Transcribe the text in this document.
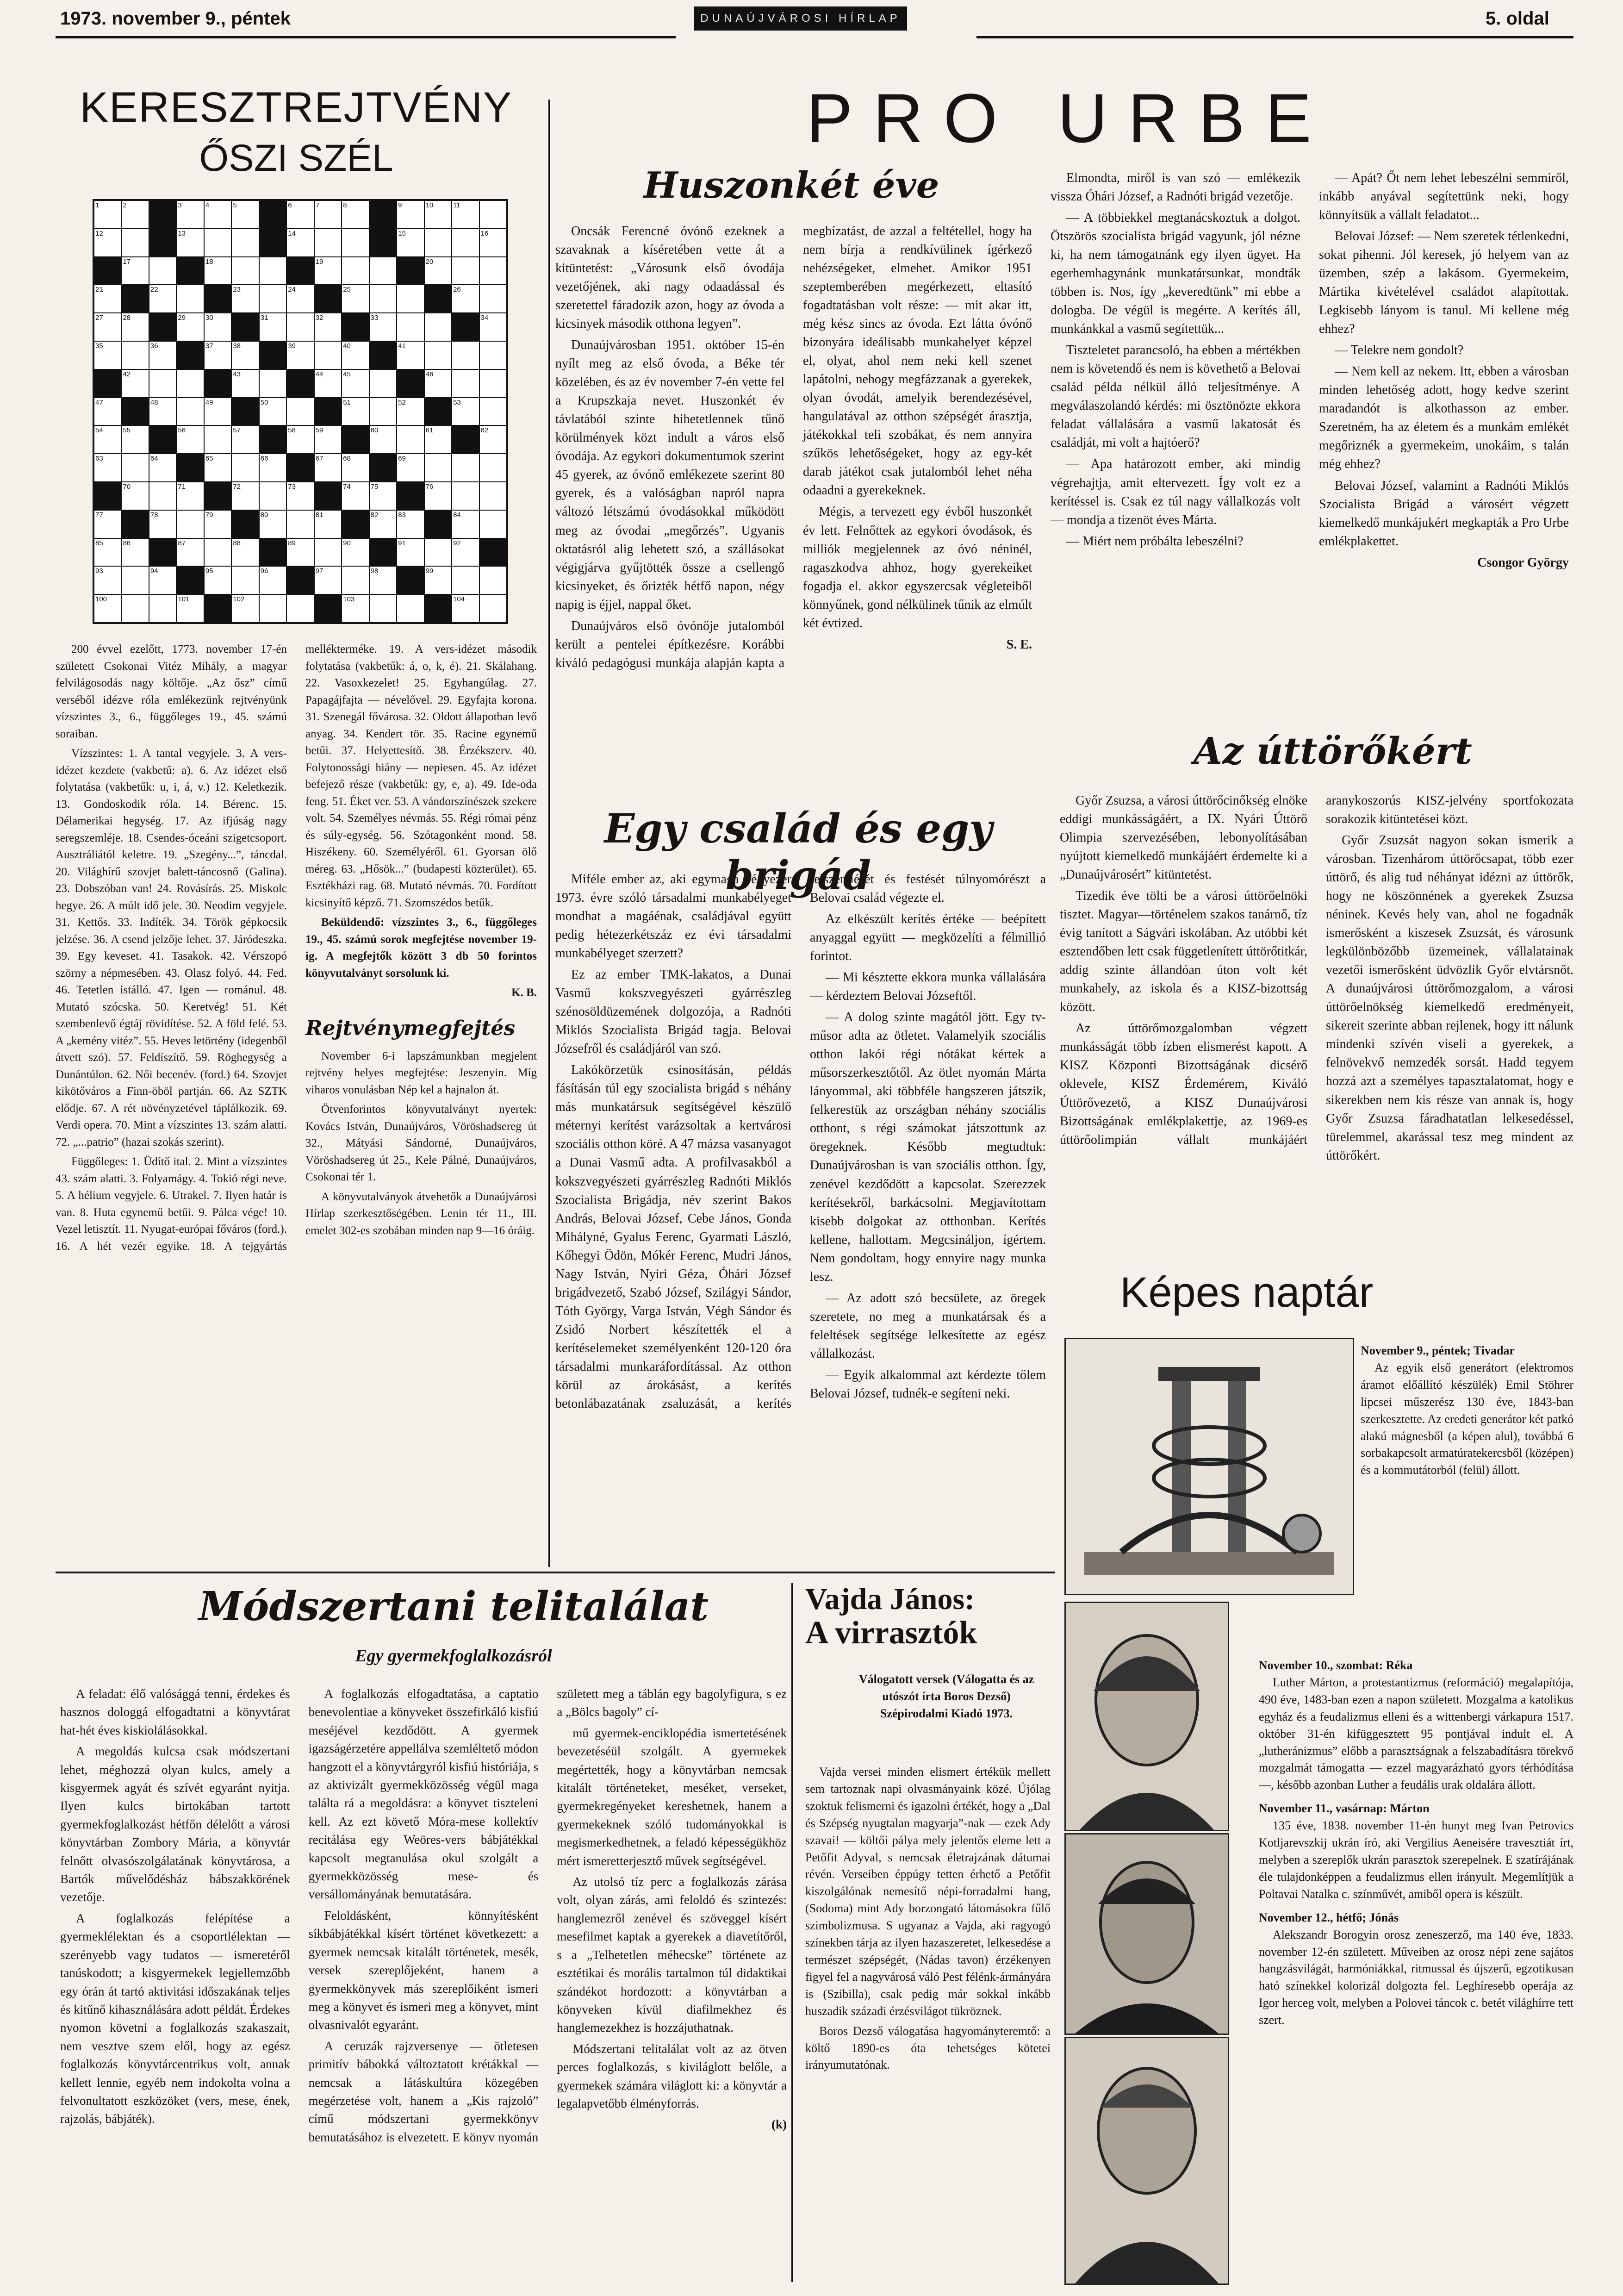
1973. november 9., péntek	DUNAÚJVÁROSI HÍRLAP	5. oldal
KERESZTREJTVÉNY
ŐSZI SZÉL
1	2	3	4	5	6	7	8	9	10	11
12	13	14	15	16
17	18	19	20
21	22	23	24	25	26
27	28	29	30	31	32	33	34
35	36	37	38	39	40	41
42	43	44	45	46
47	48	49	50	51	52	53
54	55	56	57	58	59	60	61	62
63	64	65	66	67	68	69
70	71	72	73	74	75	76
77	78	79	80	81	82	83	84
85	86	87	88	89	90	91	92
93	94	95	96	97	98	99
100	101	102	103	104

200 évvel ezelőtt, 1773. november 17-én született Csokonai Vitéz Mihály, a magyar felvilágosodás nagy költője. „Az ősz” című verséből idézve róla emlékezünk rejtvényünk vízszintes 3., 6., függőleges 19., 45. számú soraiban.

Vízszintes: 1. A tantal vegyjele. 3. A vers-idézet kezdete (vakbetű: a). 6. Az idézet első folytatása (vakbetűk: u, i, á, v.) 12. Keletkezik. 13. Gondoskodik róla. 14. Bérenc. 15. Délamerikai hegység. 17. Az ifjúság nagy seregszemléje. 18. Csendes-óceáni szigetcsoport. Ausztráliától keletre. 19. „Szegény...”, táncdal. 20. Világhírű szovjet balett-táncosnő (Galina). 23. Dobszóban van! 24. Rovásírás. 25. Miskolc hegye. 26. A múlt idő jele. 30. Neodim vegyjele. 31. Kettős. 33. Indíték. 34. Török gépkocsik jelzése. 36. A csend jelzője lehet. 37. Járódeszka. 39. Egy keveset. 41. Tasakok. 42. Vérszopó szörny a népmesében. 43. Olasz folyó. 44. Fed. 46. Tetetlen istálló. 47. Igen — románul. 48. Mutató szócska. 50. Keretvég! 51. Két szembenlevő égtáj rövidítése. 52. A föld felé. 53. A „kemény vitéz”. 55. Heves letörtény (idegenből átvett szó). 57. Feldíszítő. 59. Röghegység a Dunántúlon. 62. Női becenév. (ford.) 64. Szovjet kikötőváros a Finn-öböl partján. 66. Az SZTK elődje. 67. A rét növényzetével táplálkozik. 69. Verdi opera. 70. Mint a vízszintes 13. szám alatti. 72. „...patrio” (hazai szokás szerint).

Függőleges: 1. Üdítő ital. 2. Mint a vízszintes 43. szám alatti. 3. Folyamágy. 4. Tokió régi neve. 5. A hélium vegyjele. 6. Utrakel. 7. Ilyen határ is van. 8. Huta egynemű betűi. 9. Pálca vége! 10. Vezel letisztít. 11. Nyugat-európai főváros (ford.). 16. A hét vezér egyike. 18. A tejgyártás mellékterméke. 19. A vers-idézet második folytatása (vakbetűk: á, o, k, é). 21. Skálahang. 22. Vasoxkezelet! 25. Egyhangúlag. 27. Papagájfajta — névelővel. 29. Egyfajta korona. 31. Szenegál fővárosa. 32. Oldott állapotban levő anyag. 34. Kendert tör. 35. Racine egynemű betűi. 37. Helyettesítő. 38. Érzékszerv. 40. Folytonossági hiány — nepiesen. 45. Az idézet befejező része (vakbetűk: gy, e, a). 49. Ide-oda feng. 51. Éket ver. 53. A vándorszínészek szekere volt. 54. Személyes névmás. 55. Régi római pénz és súly-egység. 56. Szótagonként mond. 58. Hiszékeny. 60. Személyéről. 61. Gyorsan ölő méreg. 63. „Hősök...” (budapesti közterület). 65. Esztékházi rag. 68. Mutató névmás. 70. Fordított kicsinyítő képző. 71. Szomszédos betűk.

Beküldendő: vízszintes 3., 6., függőleges 19., 45. számú sorok megfejtése november 19-ig. A megfejtők között 3 db 50 forintos könyvutalványt sorsolunk ki.

K. B.
Rejtvénymegfejtés

November 6-i lapszámunkban megjelent rejtvény helyes megfejtése: Jeszenyin. Míg viharos vonulásban Nép kel a hajnalon át.

Ötvenforintos könyvutalványt nyertek: Kovács István, Dunaújváros, Vöröshadsereg út 32., Mátyási Sándorné, Dunaújváros, Vöröshadsereg út 25., Kele Pálné, Dunaújváros, Csokonai tér 1.

A könyvutalványok átvehetők a Dunaújvárosi Hírlap szerkesztőségében. Lenin tér 11., III. emelet 302-es szobában minden nap 9—16 óráig.

PRO URBE
Huszonkét éve

Oncsák Ferencné óvónő ezeknek a szavaknak a kíséretében vette át a kitüntetést: „Városunk első óvodája vezetőjének, aki nagy odaadással és szeretettel fáradozik azon, hogy az óvoda a kicsinyek második otthona legyen”.

Dunaújvárosban 1951. október 15-én nyílt meg az első óvoda, a Béke tér közelében, és az év november 7-én vette fel a Krupszkaja nevet. Huszonkét év távlatából szinte hihetetlennek tűnő körülmények közt indult a város első óvodája. Az egykori dokumentumok szerint 45 gyerek, az óvónő emlékezete szerint 80 gyerek, és a valóságban napról napra változó létszámú óvodásokkal működött meg az óvodai „megőrzés”. Ugyanis oktatásról alig lehetett szó, a szállásokat végigjárva gyűjtötték össze a csellengő kicsinyeket, és őrizték hétfő napon, négy napig is éjjel, nappal őket.

Dunaújváros első óvónője jutalomból került a pentelei építkezésre. Korábbi kiváló pedagógusi munkája alapján kapta a megbízatást, de azzal a feltétellel, hogy ha nem bírja a rendkívülinek ígérkező nehézségeket, elmehet. Amikor 1951 szeptemberében megérkezett, eltasító fogadtatásban volt része: — mit akar itt, még kész sincs az óvoda. Ezt látta óvónő bizonyára ideálisabb munkahelyet képzel el, olyat, ahol nem neki kell szenet lapátolni, nehogy megfázzanak a gyerekek, olyan óvodát, amelyik berendezésével, hangulatával az otthon szépségét árasztja, játékokkal teli szobákat, és nem annyira szűkös lehetőségeket, hogy az egy-két darab játékot csak jutalomból lehet néha odaadni a gyerekeknek.

Mégis, a tervezett egy évből huszonkét év lett. Felnőttek az egykori óvodások, és milliók megjelennek az óvó néninél, ragaszkodva ahhoz, hogy gyerekeiket fogadja el. akkor egyszercsak végleteiből könnyűnek, gond nélkülinek tűnik az elmúlt két évtized.

S. E.

Elmondta, miről is van szó — emlékezik vissza Óhári József, a Radnóti brigád vezetője.

— A többiekkel megtanácskoztuk a dolgot. Ötszörös szocialista brigád vagyunk, jól nézne ki, ha nem támogatnánk egy ilyen ügyet. Ha egerhemhagynánk munkatársunkat, mondták többen is. Nos, így „keveredtünk” mi ebbe a dologba. De végül is megérte. A kerítés áll, munkánkkal a vasmű segítettük...

Tiszteletet parancsoló, ha ebben a mértékben nem is követendő és nem is követhető a Belovai család példa nélkül álló teljesítménye. A megválaszolandó kérdés: mi ösztönözte ekkora feladat vállalására a vasmű lakatosát és családját, mi volt a hajtóerő?

— Apa határozott ember, aki mindig végrehajtja, amit eltervezett. Így volt ez a kerítéssel is. Csak ez túl nagy vállalkozás volt — mondja a tizenöt éves Márta.

— Miért nem próbálta lebeszélni?

— Apát? Őt nem lehet lebeszélni semmiről, inkább anyával segítettünk neki, hogy könnyítsük a vállalt feladatot...

Belovai József: — Nem szeretek tétlenkedni, sokat pihenni. Jól keresek, jó helyem van az üzemben, szép a lakásom. Gyermekeim, Mártika kivételével családot alapítottak. Legkisebb lányom is tanul. Mi kellene még ehhez?

— Telekre nem gondolt?

— Nem kell az nekem. Itt, ebben a városban minden lehetőség adott, hogy kedve szerint maradandót is alkothasson az ember. Szeretném, ha az életem és a munkám emlékét megőriznék a gyermekeim, unokáim, s talán még ehhez?

Belovai József, valamint a Radnóti Miklós Szocialista Brigád a városért végzett kiemelkedő munkájukért megkapták a Pro Urbe emlékplakettet.

Csongor György
Egy család és egy brigád

Miféle ember az, aki egymaga négyezer 1973. évre szóló társadalmi munkabélyeget mondhat a magáénak, családjával együtt pedig hétezerkétszáz ez évi társadalmi munkabélyeget szerzett?

Ez az ember TMK-lakatos, a Dunai Vasmű kokszvegyészeti gyárrészleg szénosöldüzemének dolgozója, a Radnóti Miklós Szocialista Brigád tagja. Belovai Józsefről és családjáról van szó.

Lakókörzetük csinosításán, példás fásításán túl egy szocialista brigád s néhány más munkatársuk segítségével készülő méternyi kerítést varázsoltak a kertvárosi szociális otthon köré. A 47 mázsa vasanyagot a Dunai Vasmű adta. A profilvasakból a kokszvegyészeti gyárrészleg Radnóti Miklós Szocialista Brigádja, név szerint Bakos András, Belovai József, Cebe János, Gonda Mihályné, Gyalus Ferenc, Gyarmati László, Kőhegyi Ödön, Mókér Ferenc, Mudri János, Nagy István, Nyiri Géza, Óhári József brigádvezető, Szabó József, Szilágyi Sándor, Tóth György, Varga István, Végh Sándor és Zsidó Norbert készítették el a kerítéselemeket személyenként 120-120 óra társadalmi munkaráfordítással. Az otthon körül az árokásást, a kerítés betonlábazatának zsaluzását, a kerítés felszerelését és festését túlnyomórészt a Belovai család végezte el.

Az elkészült kerítés értéke — beépített anyaggal együtt — megközelíti a félmillió forintot.

— Mi késztette ekkora munka vállalására — kérdeztem Belovai Józseftől.

— A dolog szinte magától jött. Egy tv-műsor adta az ötletet. Valamelyik szociális otthon lakói régi nótákat kértek a műsorszerkesztőtől. Az ötlet nyomán Márta lányommal, aki többféle hangszeren játszik, felkerestük az országban néhány szociális otthont, s régi számokat játszottunk az öregeknek. Később megtudtuk: Dunaújvárosban is van szociális otthon. Így, zenével kezdődött a kapcsolat. Szerezzek kerítésekről, barkácsolni. Megjavítottam kisebb dolgokat az otthonban. Kerítés kellene, hallottam. Megcsináljon, ígértem. Nem gondoltam, hogy ennyire nagy munka lesz.

— Az adott szó becsülete, az öregek szeretete, no meg a munkatársak és a feleltések segítsége lelkesítette az egész vállalkozást.

— Egyik alkalommal azt kérdezte tőlem Belovai József, tudnék-e segíteni neki.

Az úttörőkért

Győr Zsuzsa, a városi úttörőcinőkség elnöke eddigi munkásságáért, a IX. Nyári Úttörő Olimpia szervezésében, lebonyolításában nyújtott kiemelkedő munkájáért érdemelte ki a „Dunaújvárosért” kitüntetést.

Tizedik éve tölti be a városi úttörőelnöki tisztet. Magyar—történelem szakos tanárnő, tíz évig tanított a Ságvári iskolában. Az utóbbi két esztendőben lett csak függetlenített úttörőtitkár, addig szinte állandóan úton volt két munkahely, az iskola és a KISZ-bizottság között.

Az úttörőmozgalomban végzett munkásságát több ízben elismerést kapott. A KISZ Központi Bizottságának dicsérő oklevele, KISZ Érdemérem, Kiváló Úttörővezető, a KISZ Dunaújvárosi Bizottságának emlékplakettje, az 1969-es úttörőolimpián vállalt munkájáért aranykoszorús KISZ-jelvény sportfokozata sorakozik kitüntetései közt.

Győr Zsuzsát nagyon sokan ismerik a városban. Tizenhárom úttörőcsapat, több ezer úttörő, és alig tud néhányat idézni az úttörők, hogy ne köszönnének a gyerekek Zsuzsa néninek. Kevés hely van, ahol ne fogadnák ismerősként a kiszesek Zsuzsát, és városunk legkülönbözőbb üzemeinek, vállalatainak vezetői ismerősként üdvözlik Győr elvtársnőt. A dunaújvárosi úttörőmozgalom, a városi úttörőelnökség kiemelkedő eredményeit, sikereit szerinte abban rejlenek, hogy itt nálunk mindenki szívén viseli a gyerekek, a felnövekvő nemzedék sorsát. Hadd tegyem hozzá azt a személyes tapasztalatomat, hogy e sikerekben nem kis része van annak is, hogy Győr Zsuzsa fáradhatatlan lelkesedéssel, türelemmel, akarással tesz meg mindent az úttörőkért.

Képes naptár
November 9., péntek; Tivadar
Az egyik első generátort (elektromos áramot előállító készülék) Emil Stöhrer lipcsei műszerész 130 éve, 1843-ban szerkesztette. Az eredeti generátor két patkó alakú mágnesből (a képen alul), továbbá 6 sorbakapcsolt armatúratekercsből (középen) és a kommutátorból (felül) állott.
November 10., szombat: Réka
Luther Márton, a protestantizmus (reformáció) megalapítója, 490 éve, 1483-ban ezen a napon született. Mozgalma a katolikus egyház és a feudalizmus elleni és a wittenbergi várkapura 1517. október 31-én kifüggesztett 95 pontjával indult el. A „lutheránizmus” előbb a parasztságnak a felszabadításra törekvő mozgalmát támogatta — ezzel magyarázható gyors térhódítása —, később azonban Luther a feudális urak oldalára állott.
November 11., vasárnap: Márton
135 éve, 1838. november 11-én hunyt meg Ivan Petrovics Kotljarevszkij ukrán író, aki Vergilius Aeneisére travesztiát írt, melyben a szereplők ukrán parasztok szerepelnek. E szatírájának éle tulajdonképpen a feudalizmus ellen irányult. Megemlítjük a Poltavai Natalka c. színművét, amiből opera is készült.
November 12., hétfő; Jónás
Alekszandr Borogyin orosz zeneszerző, ma 140 éve, 1833. november 12-én született. Műveiben az orosz népi zene sajátos hangzásvilágát, harmóniákkal, ritmussal és újszerű, egzotikusan ható színekkel kolorizál dolgozta fel. Leghíresebb operája az Igor herceg volt, melyben a Polovei táncok c. betét világhírre tett szert.
Módszertani telitalálat
Egy gyermekfoglalkozásról

A feladat: élő valósággá tenni, érdekes és hasznos dologgá elfogadtatni a könyvtárat hat-hét éves kiskiolálásokkal.

A megoldás kulcsa csak módszertani lehet, méghozzá olyan kulcs, amely a kisgyermek agyát és szívét egyaránt nyitja. Ilyen kulcs birtokában tartott gyermekfoglalkozást hétfőn délelőtt a városi könyvtárban Zombory Mária, a könyvtár felnőtt olvasószolgálatának könyvtárosa, a Bartók művelődésház bábszakkörének vezetője.

A foglalkozás felépítése a gyermeklélektan és a csoportlélektan — szerényebb vagy tudatos — ismeretéről tanúskodott; a kisgyermekek legjellemzőbb egy órán át tartó aktivitási időszakának teljes és kitűnő kihasználására adott példát. Érdekes nyomon követni a foglalkozás szakaszait, nem vesztve szem elől, hogy az egész foglalkozás könyvtárcentrikus volt, annak kellett lennie, egyéb nem indokolta volna a felvonultatott eszközöket (vers, mese, ének, rajzolás, bábjáték).

A foglalkozás elfogadtatása, a captatio benevolentiae a könyveket összefirkáló kisfiú meséjével kezdődött. A gyermek igazságérzetére appellálva szemléltető módon hangzott el a könyvtárgyról kisfiú históriája, s az aktivizált gyermekközösség végül maga találta rá a megoldásra: a könyvet tiszteleni kell. Az ezt követő Móra-mese kollektív recitálása egy Weöres-vers bábjátékkal kapcsolt megtanulása okul szolgált a gyermekközösség mese- és versállományának bemutatására.

Feloldásként, könnyítésként síkbábjátékkal kísért történet következett: a gyermek nemcsak kitalált történetek, mesék, versek szereplőjeként, hanem a gyermekkönyvek más szereplőiként ismeri meg a könyvet és ismeri meg a könyvet, mint olvasnivalót egyaránt.

A ceruzák rajzversenye — ötletesen primitív bábokká változtatott krétákkal — nemcsak a látáskultúra közegében megérzetése volt, hanem a „Kis rajzoló” című módszertani gyermekkönyv bemutatásához is elvezetett. E könyv nyomán született meg a táblán egy bagolyfigura, s ez a „Bölcs bagoly” cí-

mű gyermek-enciklopédia ismertetésének bevezetéséül szolgált. A gyermekek megértették, hogy a könyvtárban nemcsak kitalált történeteket, meséket, verseket, gyermekregényeket kereshetnek, hanem a gyermekeknek szóló tudományokkal is megismerkedhetnek, a feladó képességükhöz mért ismeretterjesztő művek segítségével.

Az utolsó tíz perc a foglalkozás zárása volt, olyan zárás, ami feloldó és szintezés: hanglemezről zenével és szöveggel kísért mesefilmet kaptak a gyerekek a diavetítőről, s a „Telhetetlen méhecske” története az esztétikai és morális tartalmon túl didaktikai szándékot hordozott: a könyvtárban a könyveken kívül diafilmekhez és hanglemezekhez is hozzájuthatnak.

Módszertani telitalálat volt az az ötven perces foglalkozás, s kiviláglott belőle, a gyermekek számára világlott ki: a könyvtár a legalapvetőbb élményforrás.

(k)
Vajda János:
A virrasztók
Válogatott versek (Válogatta és az utószót írta Boros Dezső) Szépirodalmi Kiadó 1973.

Vajda versei minden elismert értékük mellett sem tartoznak napi olvasmányaink közé. Újólag szoktuk felismerni és igazolni értékét, hogy a „Dal és Szépség nyugtalan magyarja”-nak — ezek Ady szavai! — költői pálya mely jelentős eleme lett a Petőfit Adyval, s nemcsak életrajzának dátumai révén. Verseiben éppúgy tetten érhető a Petőfit kiszolgálónak nemesítő népi-forradalmi hang, (Sodoma) mint Ady borzongató látomásokra fűlő szimbolizmusa. S ugyanaz a Vajda, aki ragyogó színekben tárja az ilyen hazaszeretet, lelkesedése a természet szépségét, (Nádas tavon) érzékenyen figyel fel a nagyvárosá váló Pest félénk-ármányára is (Szibilla), csak pedig már sokkal inkább huszadik századi érzésvilágot tükröznek.

Boros Dezső válogatása hagyományteremtő: a költő 1890-es óta tehetséges kötetei irányumutatónak.
